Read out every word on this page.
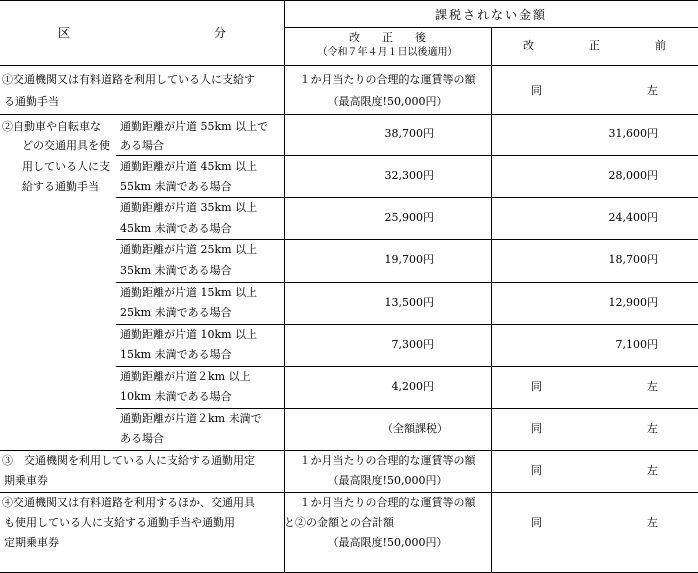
区　　　　　　　　　　　　分
課税されない金額
改　　正　　後
（令和７年４月１日以後適用）
改　　　　　正　　　　　前
①交通機関又は有料道路を利用している人に支給す
る通勤手当
１か月当たりの合理的な運賃等の額
（最高限度!50,000円）
同	左
②自動車や自転車な
どの交通用具を使
用している人に支
給する通勤手当
通勤距離が片道 55km 以上で
ある場合
38,700円	31,600円
通勤距離が片道 45km 以上
55km 未満である場合
32,300円	28,000円
通勤距離が片道 35km 以上
45km 未満である場合
25,900円	24,400円
通勤距離が片道 25km 以上
35km 未満である場合
19,700円	18,700円
通勤距離が片道 15km 以上
25km 未満である場合
13,500円	12,900円
通勤距離が片道 10km 以上
15km 未満である場合
7,300円	7,100円
通勤距離が片道２km 以上
10km 未満である場合
4,200円	同	左
通勤距離が片道２km 未満で
ある場合
（全額課税）	同	左
③　交通機関を利用している人に支給する通勤用定
期乗車券
１か月当たりの合理的な運賃等の額
（最高限度!50,000円）
同	左
④交通機関又は有料道路を利用するほか、交通用具
も使用している人に支給する通勤手当や通勤用
定期乗車券
１か月当たりの合理的な運賃等の額
と②の金額との合計額
（最高限度!50,000円）
同	左
